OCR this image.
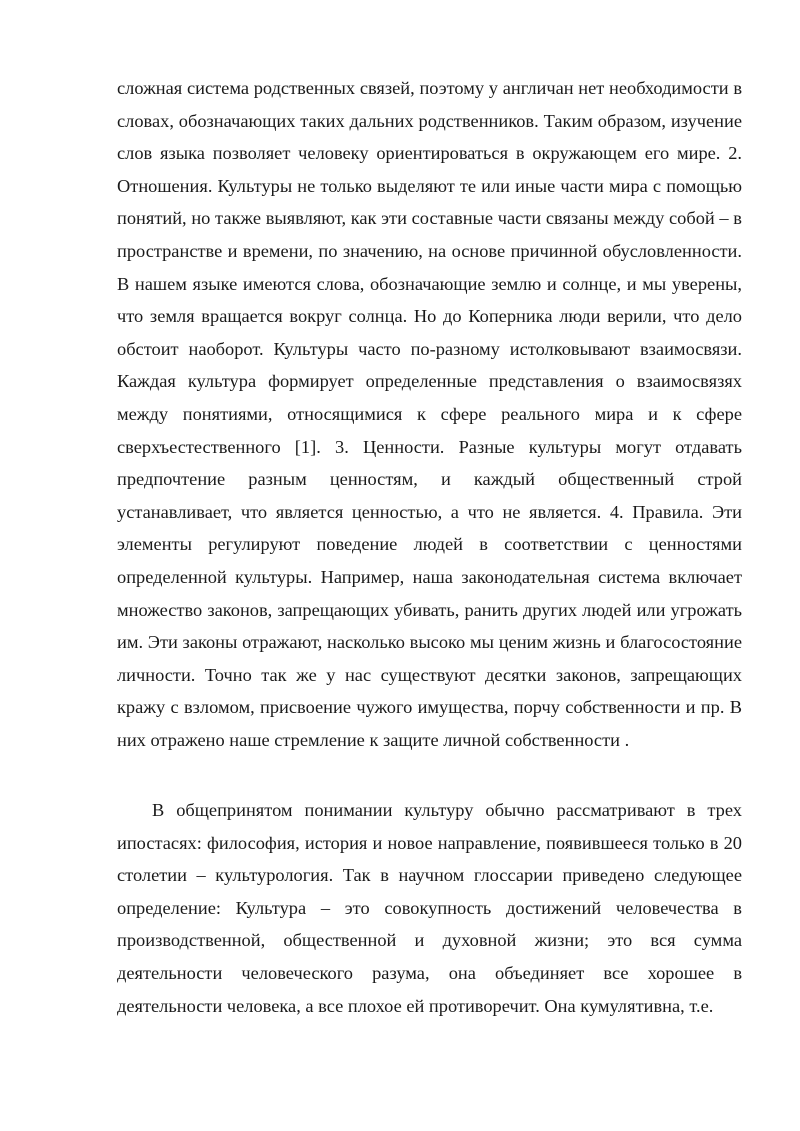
сложная система родственных связей, поэтому у англичан нет необходимости в словах, обозначающих таких дальних родственников. Таким образом, изучение слов языка позволяет человеку ориентироваться в окружающем его мире. 2. Отношения. Культуры не только выделяют те или иные части мира с помощью понятий, но также выявляют, как эти составные части связаны между собой – в пространстве и времени, по значению, на основе причинной обусловленности. В нашем языке имеются слова, обозначающие землю и солнце, и мы уверены, что земля вращается вокруг солнца. Но до Коперника люди верили, что дело обстоит наоборот. Культуры часто по-разному истолковывают взаимосвязи. Каждая культура формирует определенные представления о взаимосвязях между понятиями, относящимися к сфере реального мира и к сфере сверхъестественного [1]. 3. Ценности. Разные культуры могут отдавать предпочтение разным ценностям, и каждый общественный строй устанавливает, что является ценностью, а что не является. 4. Правила. Эти элементы регулируют поведение людей в соответствии с ценностями определенной культуры. Например, наша законодательная система включает множество законов, запрещающих убивать, ранить других людей или угрожать им. Эти законы отражают, насколько высоко мы ценим жизнь и благосостояние личности. Точно так же у нас существуют десятки законов, запрещающих кражу с взломом, присвоение чужого имущества, порчу собственности и пр. В них отражено наше стремление к защите личной собственности .

В общепринятом понимании культуру обычно рассматривают в трех ипостасях: философия, история и новое направление, появившееся только в 20 столетии – культурология. Так в научном глоссарии приведено следующее определение: Культура – это совокупность достижений человечества в производственной, общественной и духовной жизни; это вся сумма деятельности человеческого разума, она объединяет все хорошее в деятельности человека, а все плохое ей противоречит. Она кумулятивна, т.е.
